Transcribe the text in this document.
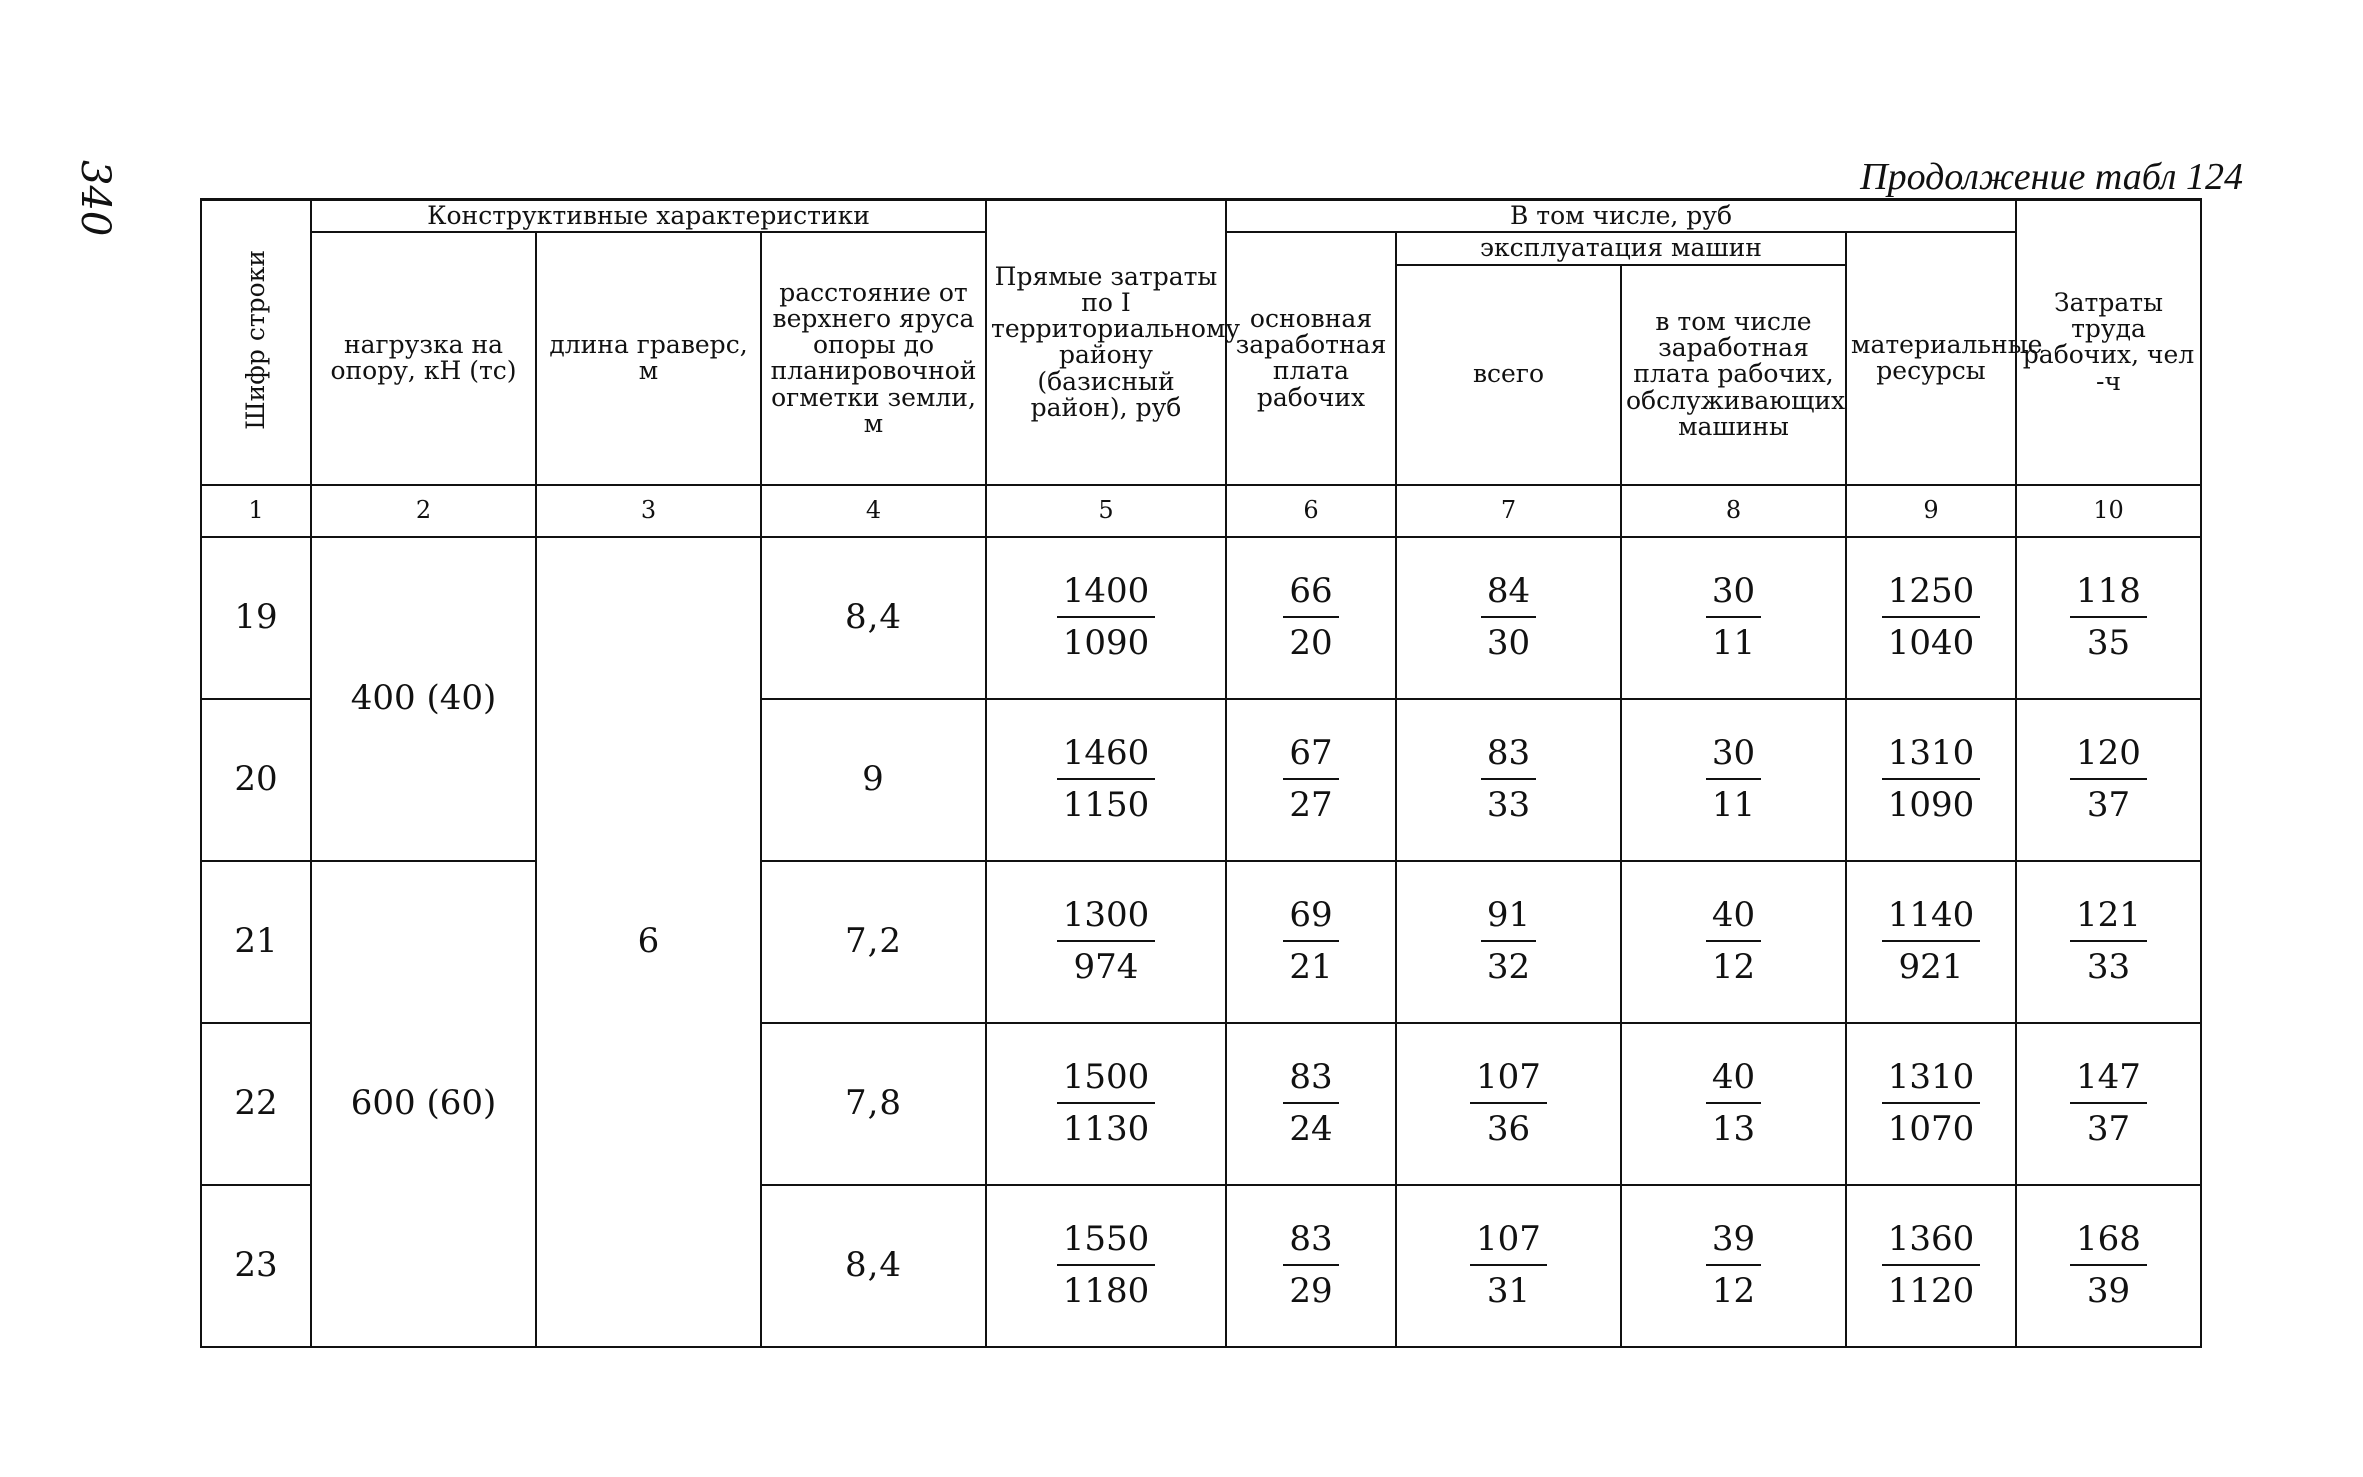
340	Продолжение табл 124
Шифр строки	Конструктивные характеристики			Прямые затраты по I территориальному району (базисный район), руб	В том числе, руб				Затраты труда рабочих, чел -ч
	нагрузка на опору, кН (тс)	длина граверс, м	расстояние от верхнего яруса опоры до планировочной огметки земли, м		основная заработная плата рабочих	эксплуатация машин		материальные ресурсы	
						всего	в том числе заработная плата рабочих, обслуживающих машины		
1	2	3	4	5	6	7	8	9	10
19	400 (40)	6	8,4	$\frac{1400}{1090}$	$\frac{66}{20}$	$\frac{84}{30}$	$\frac{30}{11}$	$\frac{1250}{1040}$	$\frac{118}{35}$

20			9	$\frac{1460}{1150}$	$\frac{67}{27}$	$\frac{83}{33}$	$\frac{30}{11}$	$\frac{1310}{1090}$	$\frac{120}{37}$

21	600 (60)		7,2	$\frac{1300}{974}$	$\frac{69}{21}$	$\frac{91}{32}$	$\frac{40}{12}$	$\frac{1140}{921}$	$\frac{121}{33}$

22			7,8	$\frac{1500}{1130}$	$\frac{83}{24}$	$\frac{107}{36}$	$\frac{40}{13}$	$\frac{1310}{1070}$	$\frac{147}{37}$

23			8,4	$\frac{1550}{1180}$	$\frac{83}{29}$	$\frac{107}{31}$	$\frac{39}{12}$	$\frac{1360}{1120}$	$\frac{168}{39}$
